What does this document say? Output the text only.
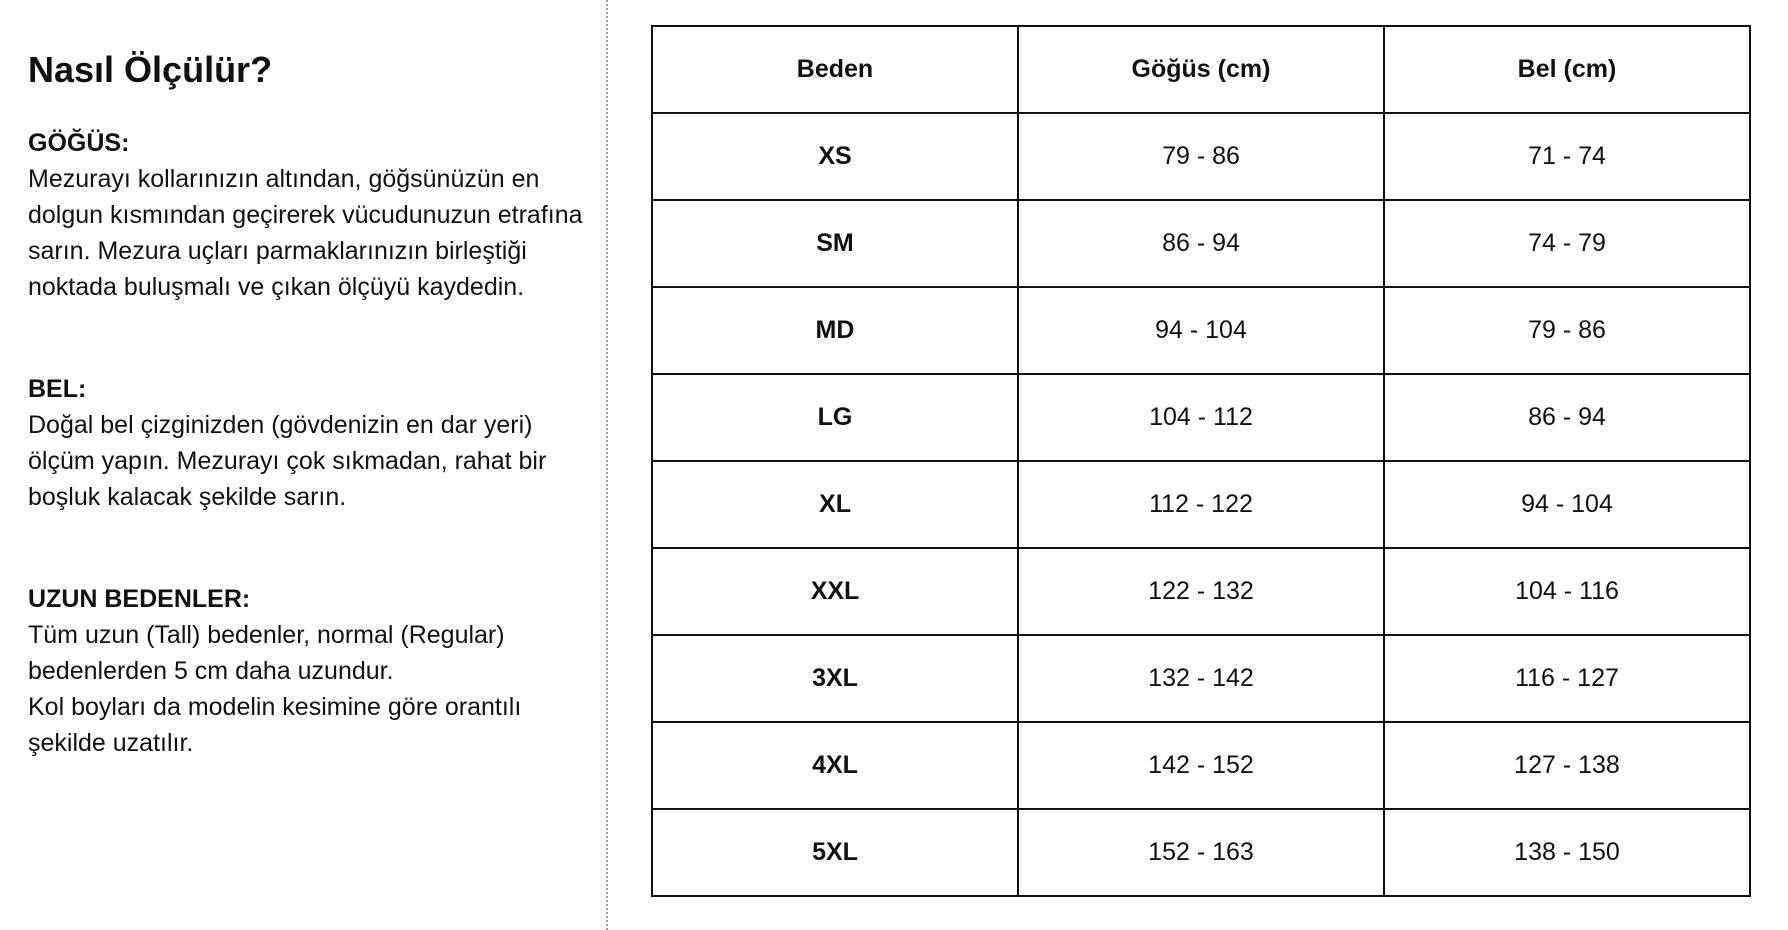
Nasıl Ölçülür?

GÖĞÜS:

Mezurayı kollarınızın altından, göğsünüzün en dolgun kısmından geçirerek vücudunuzun etrafına sarın. Mezura uçları parmaklarınızın birleştiği noktada buluşmalı ve çıkan ölçüyü kaydedin.

BEL:

Doğal bel çizginizden (gövdenizin en dar yeri) ölçüm yapın. Mezurayı çok sıkmadan, rahat bir boşluk kalacak şekilde sarın.

UZUN BEDENLER:

Tüm uzun (Tall) bedenler, normal (Regular) bedenlerden 5 cm daha uzundur.

Kol boyları da modelin kesimine göre orantılı şekilde uzatılır.

Beden	Göğüs (cm)	Bel (cm)
XS	79 - 86	71 - 74
SM	86 - 94	74 - 79
MD	94 - 104	79 - 86
LG	104 - 112	86 - 94
XL	112 - 122	94 - 104
XXL	122 - 132	104 - 116
3XL	132 - 142	116 - 127
4XL	142 - 152	127 - 138
5XL	152 - 163	138 - 150
